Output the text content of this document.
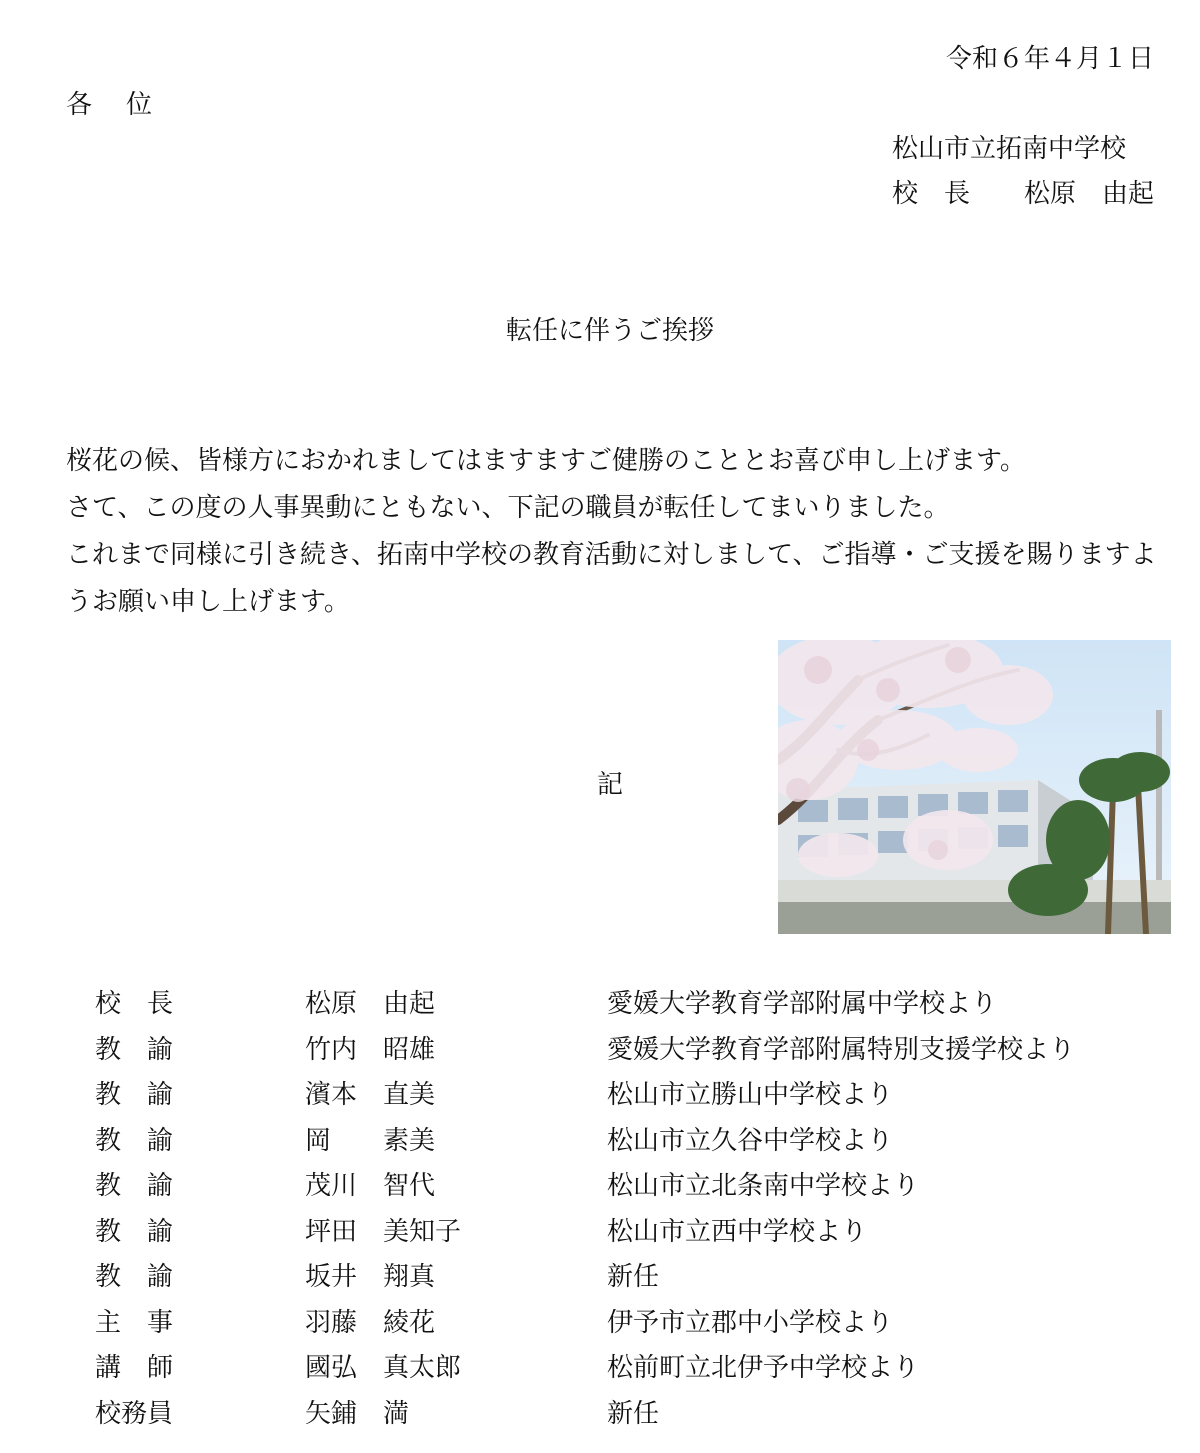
令和６年４月１日
各位
松山市立拓南中学校
校長 松原　由起
転任に伴うご挨拶

桜花の候、皆様方におかれましてはますますご健勝のこととお喜び申し上げます。

さて、この度の人事異動にともない、下記の職員が転任してまいりました。

これまで同様に引き続き、拓南中学校の教育活動に対しまして、ご指導・ご支援を賜りますようお願い申し上げます。

記
校　長	松原　由起	愛媛大学教育学部附属中学校より
教　諭	竹内　昭雄	愛媛大学教育学部附属特別支援学校より
教　諭	濱本　直美	松山市立勝山中学校より
教　諭	岡　　素美	松山市立久谷中学校より
教　諭	茂川　智代	松山市立北条南中学校より
教　諭	坪田　美知子	松山市立西中学校より
教　諭	坂井　翔真	新任
主　事	羽藤　綾花	伊予市立郡中小学校より
講　師	國弘　真太郎	松前町立北伊予中学校より
校務員	矢鋪　満	新任
